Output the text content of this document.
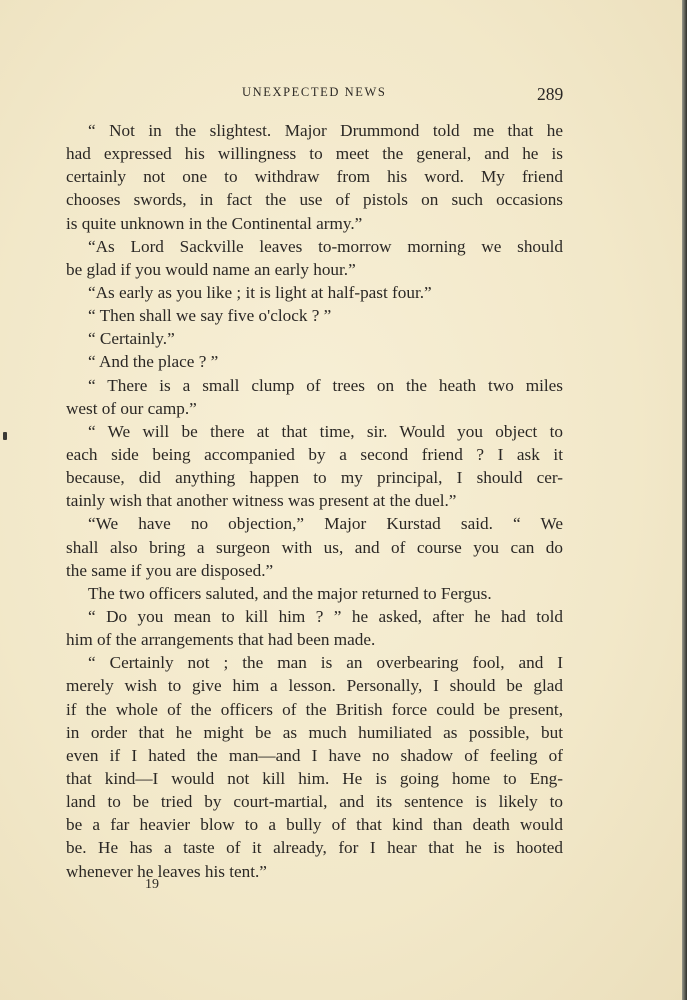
UNEXPECTED NEWS	289
“ Not in the slightest. Major Drummond told me that he
had expressed his willingness to meet the general, and he is
certainly not one to withdraw from his word. My friend
chooses swords, in fact the use of pistols on such occasions
is quite unknown in the Continental army.”
“As Lord Sackville leaves to-morrow morning we should
be glad if you would name an early hour.”
“As early as you like ; it is light at half-past four.”
“ Then shall we say five o'clock ? ”
“ Certainly.”
“ And the place ? ”
“ There is a small clump of trees on the heath two miles
west of our camp.”
“ We will be there at that time, sir. Would you object to
each side being accompanied by a second friend ? I ask it
because, did anything happen to my principal, I should cer-
tainly wish that another witness was present at the duel.”
“We have no objection,” Major Kurstad said. “ We
shall also bring a surgeon with us, and of course you can do
the same if you are disposed.”
The two officers saluted, and the major returned to Fergus.
“ Do you mean to kill him ? ” he asked, after he had told
him of the arrangements that had been made.
“ Certainly not ; the man is an overbearing fool, and I
merely wish to give him a lesson. Personally, I should be glad
if the whole of the officers of the British force could be present,
in order that he might be as much humiliated as possible, but
even if I hated the man—and I have no shadow of feeling of
that kind—I would not kill him. He is going home to Eng-
land to be tried by court-martial, and its sentence is likely to
be a far heavier blow to a bully of that kind than death would
be. He has a taste of it already, for I hear that he is hooted
whenever he leaves his tent.”
19
